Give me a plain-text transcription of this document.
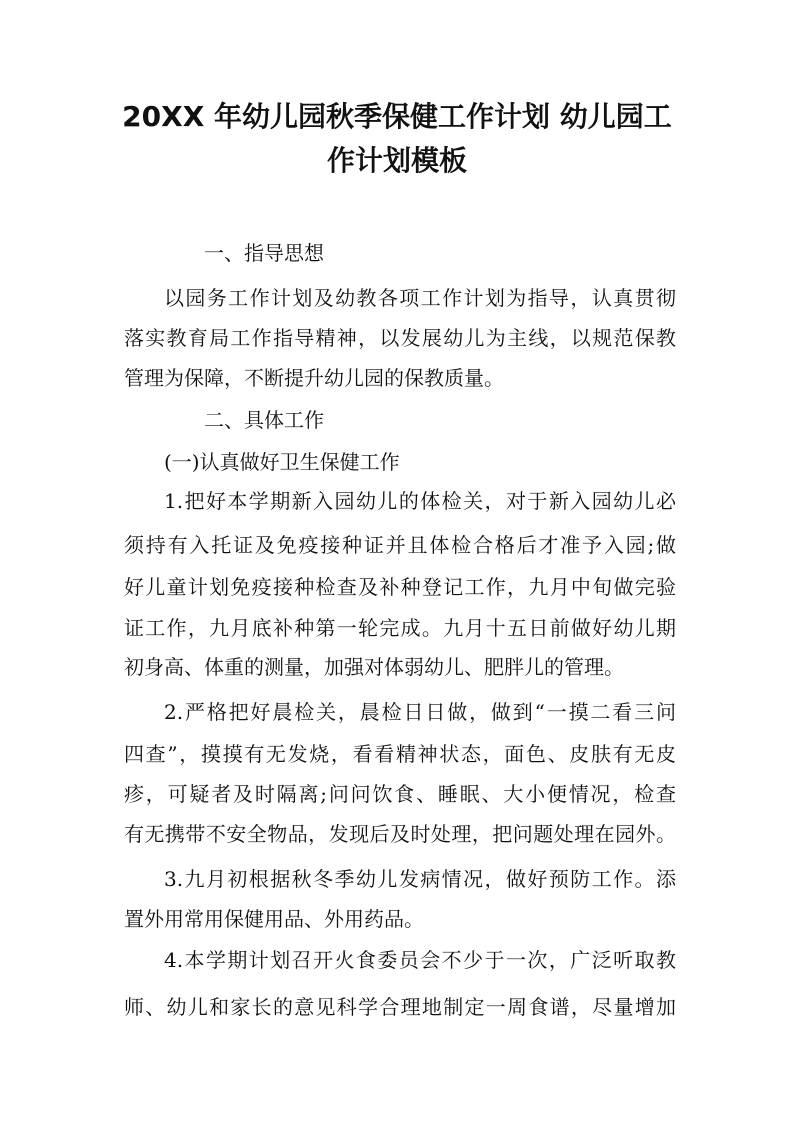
20XX 年幼儿园秋季保健工作计划 幼儿园工
作计划模板
一、指导思想
以园务工作计划及幼教各项工作计划为指导，认真贯彻
落实教育局工作指导精神，以发展幼儿为主线，以规范保教
管理为保障，不断提升幼儿园的保教质量。
二、具体工作
(一)认真做好卫生保健工作
1.把好本学期新入园幼儿的体检关，对于新入园幼儿必
须持有入托证及免疫接种证并且体检合格后才准予入园;做
好儿童计划免疫接种检查及补种登记工作，九月中旬做完验
证工作，九月底补种第一轮完成。九月十五日前做好幼儿期
初身高、体重的测量，加强对体弱幼儿、肥胖儿的管理。
2.严格把好晨检关，晨检日日做，做到“一摸二看三问
四查”，摸摸有无发烧，看看精神状态，面色、皮肤有无皮
疹，可疑者及时隔离;问问饮食、睡眠、大小便情况，检查
有无携带不安全物品，发现后及时处理，把问题处理在园外。
3.九月初根据秋冬季幼儿发病情况，做好预防工作。添
置外用常用保健用品、外用药品。
4.本学期计划召开火食委员会不少于一次，广泛听取教
师、幼儿和家长的意见科学合理地制定一周食谱，尽量增加
